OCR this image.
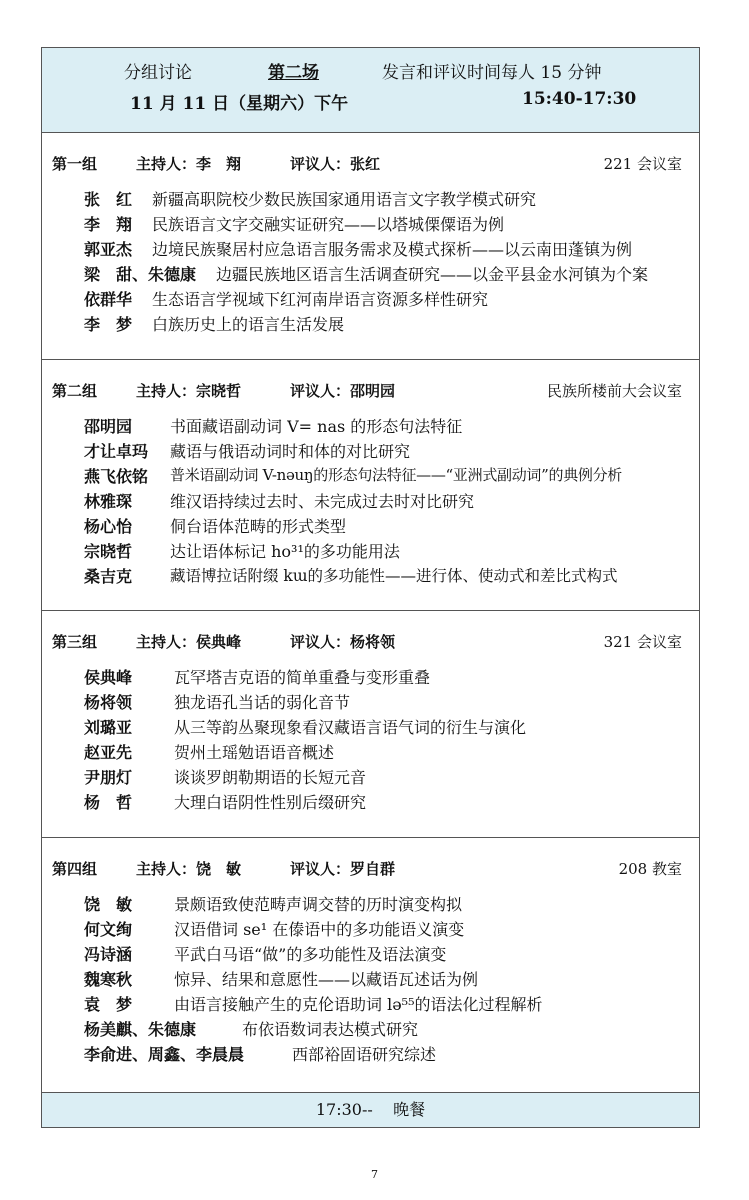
分组讨论	第二场	发言和评议时间每人 15 分钟
11 月 11 日（星期六）下午	15:40-17:30
第一组	主持人：李　翔	评议人：张红	221 会议室
张　红 新疆高职院校少数民族国家通用语言文字教学模式研究
李　翔 民族语言文字交融实证研究——以塔城傈僳语为例
郭亚杰 边境民族聚居村应急语言服务需求及模式探析——以云南田蓬镇为例
梁　甜、朱德康 边疆民族地区语言生活调查研究——以金平县金水河镇为个案
依群华 生态语言学视域下红河南岸语言资源多样性研究
李　梦 白族历史上的语言生活发展
第二组	主持人：宗晓哲	评议人：邵明园	民族所楼前大会议室
邵明园 书面藏语副动词 V= nas 的形态句法特征
才让卓玛 藏语与俄语动词时和体的对比研究
燕飞依铭 普米语副动词 V-nəuŋ的形态句法特征——“亚洲式副动词”的典例分析
林雅琛 维汉语持续过去时、未完成过去时对比研究
杨心怡 侗台语体范畴的形式类型
宗晓哲 达让语体标记 ho³¹的多功能用法
桑吉克 藏语博拉话附缀 kɯ的多功能性——进行体、使动式和差比式构式
第三组	主持人：侯典峰	评议人：杨将领	321 会议室
侯典峰	瓦罕塔吉克语的简单重叠与变形重叠
杨将领	独龙语孔当话的弱化音节
刘璐亚	从三等韵丛聚现象看汉藏语言语气词的衍生与演化
赵亚先	贺州土瑶勉语语音概述
尹朋灯	谈谈罗朗勒期语的长短元音
杨　哲	大理白语阴性性别后缀研究
第四组	主持人：饶　敏	评议人：罗自群	208 教室
饶　敏	景颇语致使范畴声调交替的历时演变构拟
何文绚	汉语借词 se¹ 在傣语中的多功能语义演变
冯诗涵	平武白马语“做”的多功能性及语法演变
魏寒秋	惊异、结果和意愿性——以藏语瓦述话为例
袁　梦	由语言接触产生的克伦语助词 lə⁵⁵的语法化过程解析
杨美麒、朱德康	布依语数词表达模式研究
李俞进、周鑫、李晨晨	西部裕固语研究综述
17:30-- 晚餐
7
